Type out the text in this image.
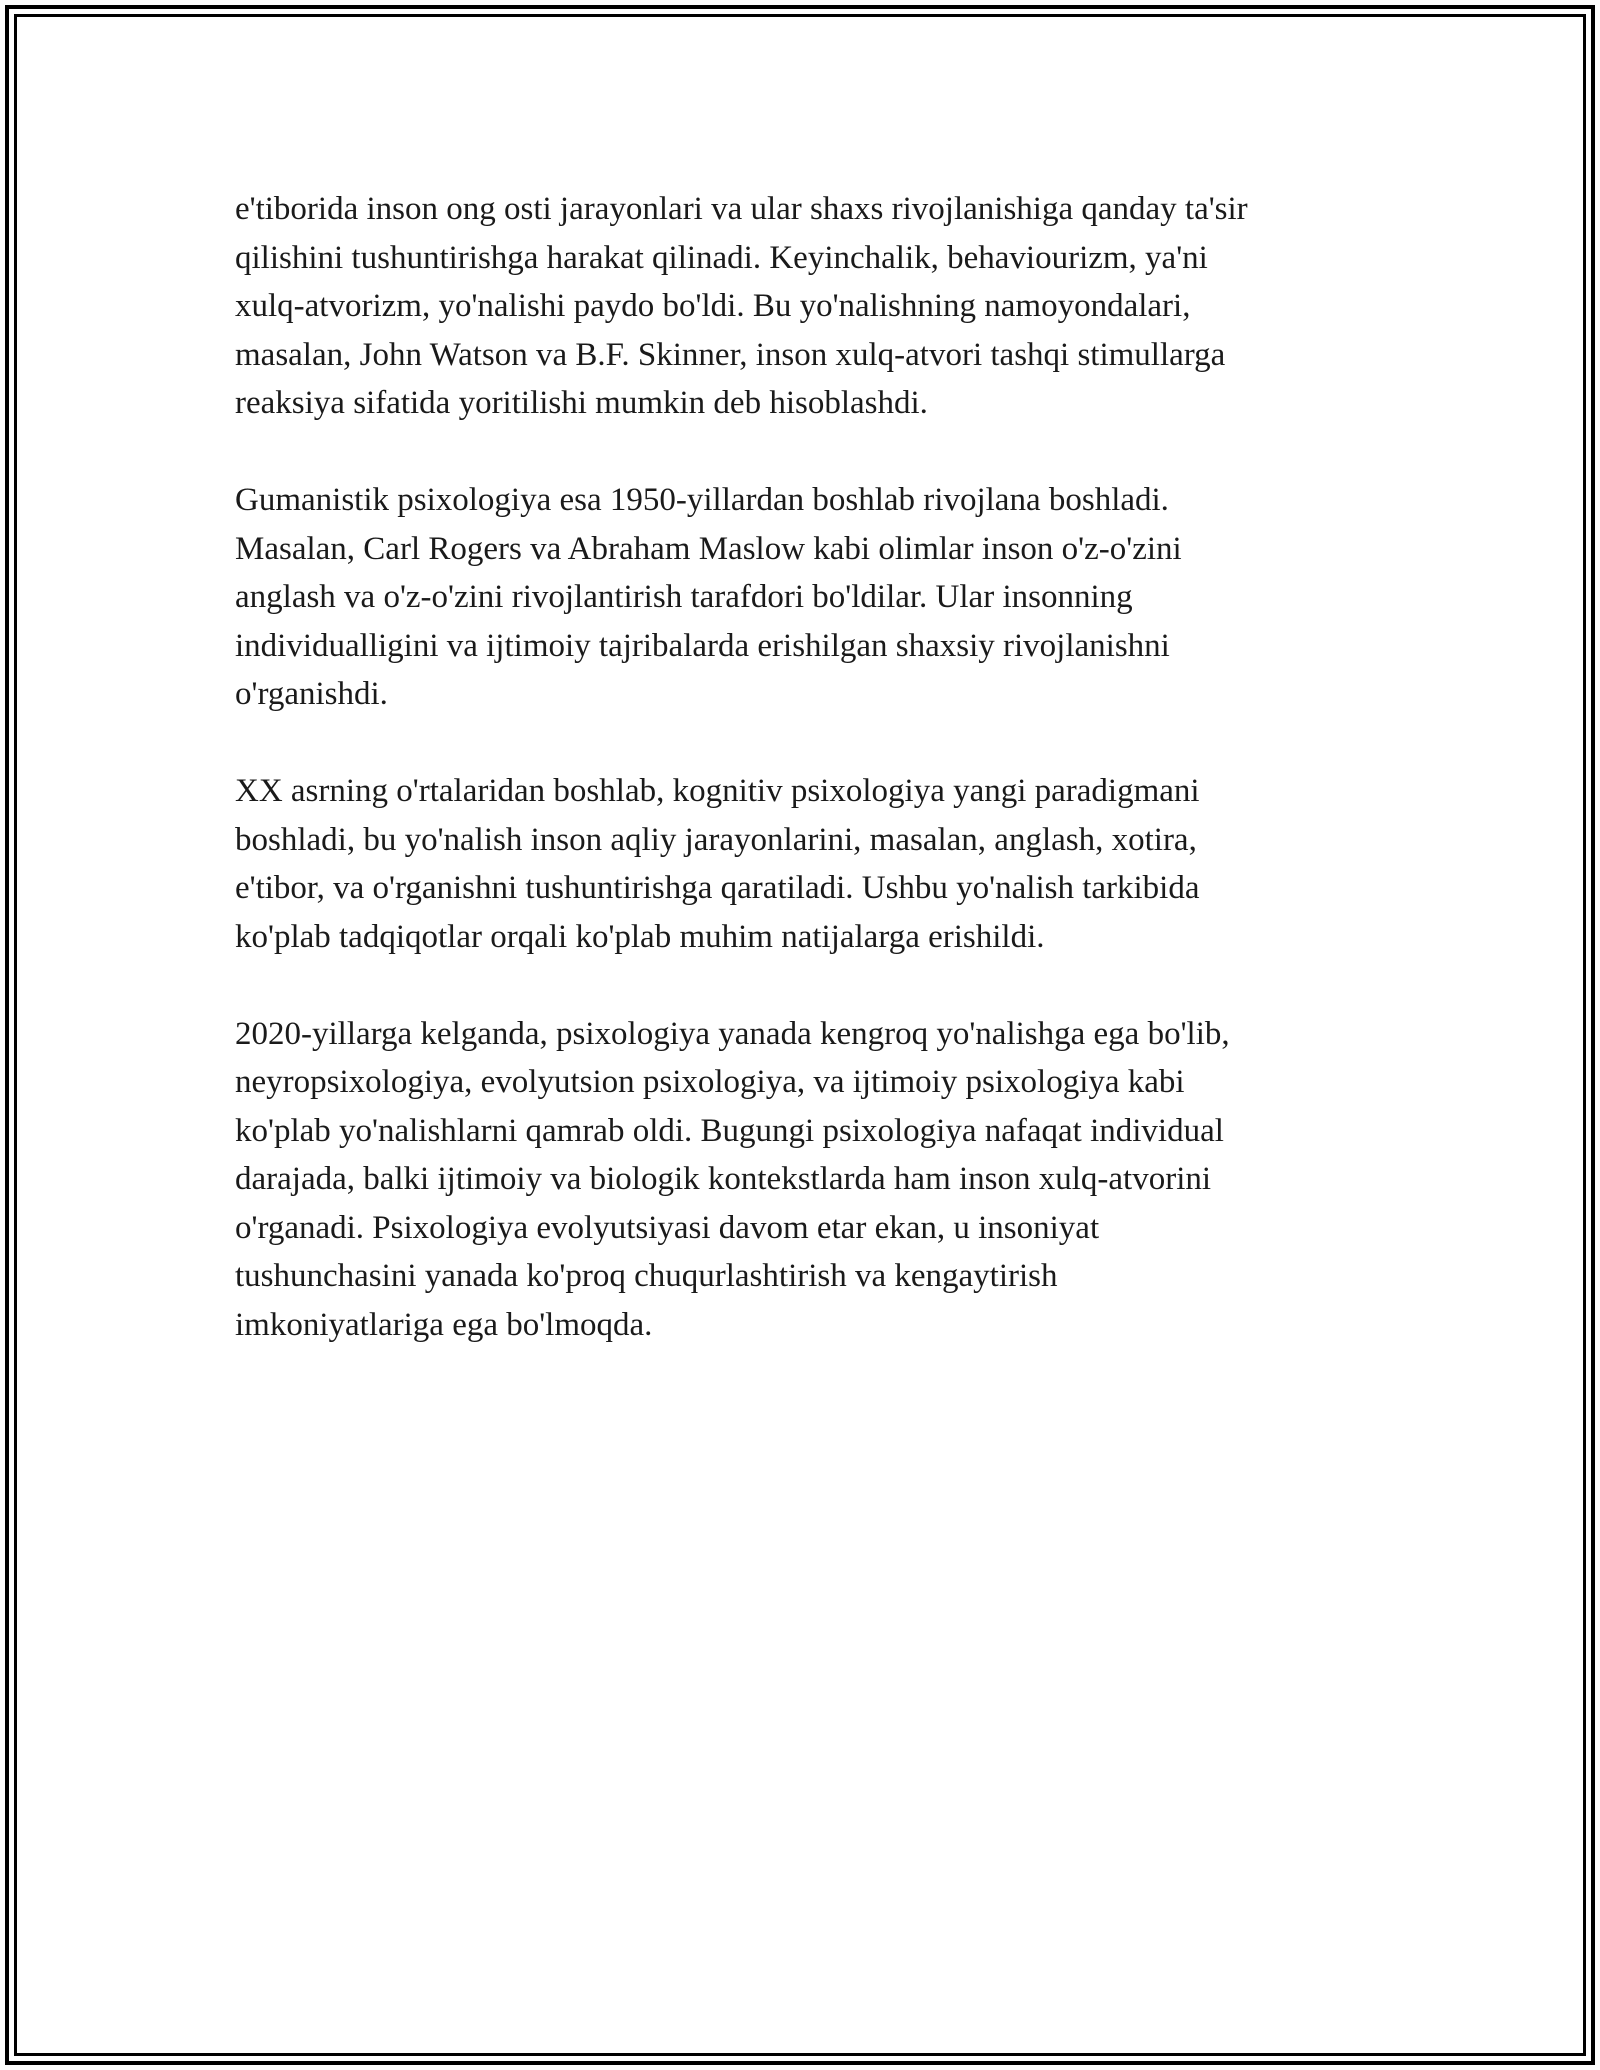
e'tiborida inson ong osti jarayonlari va ular shaxs rivojlanishiga qanday ta'sir
qilishini tushuntirishga harakat qilinadi. Keyinchalik, behaviourizm, ya'ni
xulq-atvorizm, yo'nalishi paydo bo'ldi. Bu yo'nalishning namoyondalari,
masalan, John Watson va B.F. Skinner, inson xulq-atvori tashqi stimullarga
reaksiya sifatida yoritilishi mumkin deb hisoblashdi.

Gumanistik psixologiya esa 1950-yillardan boshlab rivojlana boshladi.
Masalan, Carl Rogers va Abraham Maslow kabi olimlar inson o'z-o'zini
anglash va o'z-o'zini rivojlantirish tarafdori bo'ldilar. Ular insonning
individualligini va ijtimoiy tajribalarda erishilgan shaxsiy rivojlanishni
o'rganishdi.

XX asrning o'rtalaridan boshlab, kognitiv psixologiya yangi paradigmani
boshladi, bu yo'nalish inson aqliy jarayonlarini, masalan, anglash, xotira,
e'tibor, va o'rganishni tushuntirishga qaratiladi. Ushbu yo'nalish tarkibida
ko'plab tadqiqotlar orqali ko'plab muhim natijalarga erishildi.

2020-yillarga kelganda, psixologiya yanada kengroq yo'nalishga ega bo'lib,
neyropsixologiya, evolyutsion psixologiya, va ijtimoiy psixologiya kabi
ko'plab yo'nalishlarni qamrab oldi. Bugungi psixologiya nafaqat individual
darajada, balki ijtimoiy va biologik kontekstlarda ham inson xulq-atvorini
o'rganadi. Psixologiya evolyutsiyasi davom etar ekan, u insoniyat
tushunchasini yanada ko'proq chuqurlashtirish va kengaytirish
imkoniyatlariga ega bo'lmoqda.
